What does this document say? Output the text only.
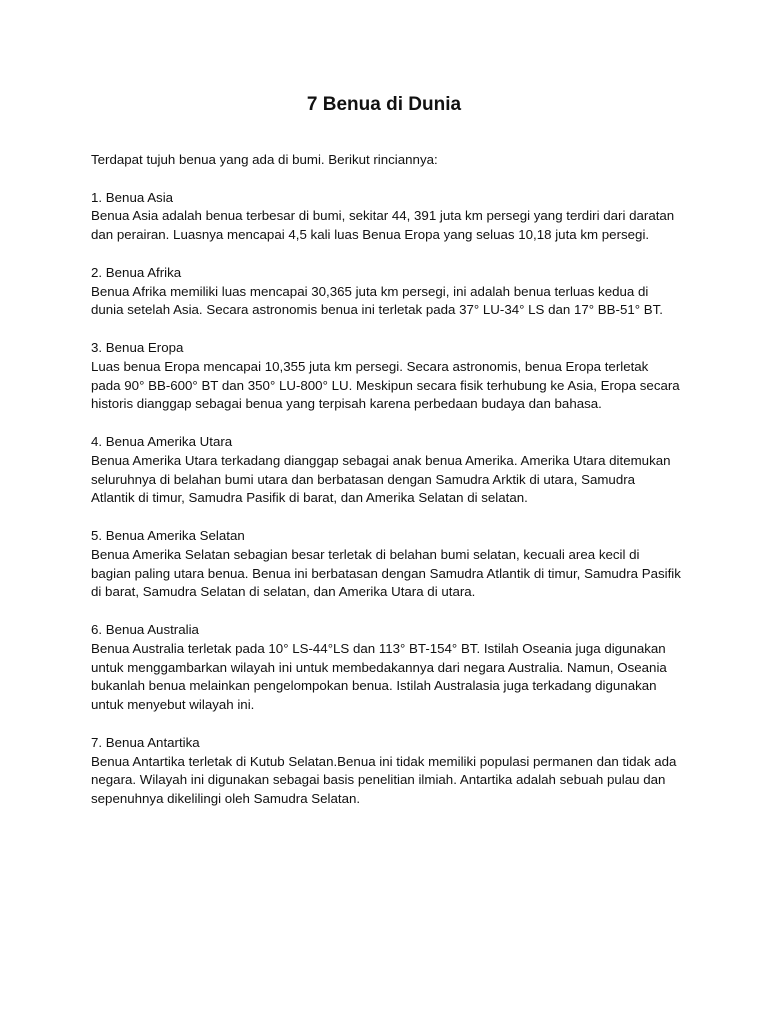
7 Benua di Dunia

Terdapat tujuh benua yang ada di bumi. Berikut rinciannya:

1. Benua Asia

Benua Asia adalah benua terbesar di bumi, sekitar 44, 391 juta km persegi yang terdiri dari daratan dan perairan. Luasnya mencapai 4,5 kali luas Benua Eropa yang seluas 10,18 juta km persegi.

2. Benua Afrika

Benua Afrika memiliki luas mencapai 30,365 juta km persegi, ini adalah benua terluas kedua di dunia setelah Asia. Secara astronomis benua ini terletak pada 37° LU-34° LS dan 17° BB-51° BT.

3. Benua Eropa

Luas benua Eropa mencapai 10,355 juta km persegi. Secara astronomis, benua Eropa terletak pada 90° BB-600° BT dan 350° LU-800° LU. Meskipun secara fisik terhubung ke Asia, Eropa secara historis dianggap sebagai benua yang terpisah karena perbedaan budaya dan bahasa.

4. Benua Amerika Utara

Benua Amerika Utara terkadang dianggap sebagai anak benua Amerika. Amerika Utara ditemukan seluruhnya di belahan bumi utara dan berbatasan dengan Samudra Arktik di utara, Samudra Atlantik di timur, Samudra Pasifik di barat, dan Amerika Selatan di selatan.

5. Benua Amerika Selatan

Benua Amerika Selatan sebagian besar terletak di belahan bumi selatan, kecuali area kecil di bagian paling utara benua. Benua ini berbatasan dengan Samudra Atlantik di timur, Samudra Pasifik di barat, Samudra Selatan di selatan, dan Amerika Utara di utara.

6. Benua Australia

Benua Australia terletak pada 10° LS-44°LS dan 113° BT-154° BT. Istilah Oseania juga digunakan untuk menggambarkan wilayah ini untuk membedakannya dari negara Australia. Namun, Oseania bukanlah benua melainkan pengelompokan benua. Istilah Australasia juga terkadang digunakan untuk menyebut wilayah ini.

7. Benua Antartika

Benua Antartika terletak di Kutub Selatan.Benua ini tidak memiliki populasi permanen dan tidak ada negara. Wilayah ini digunakan sebagai basis penelitian ilmiah. Antartika adalah sebuah pulau dan sepenuhnya dikelilingi oleh Samudra Selatan.
